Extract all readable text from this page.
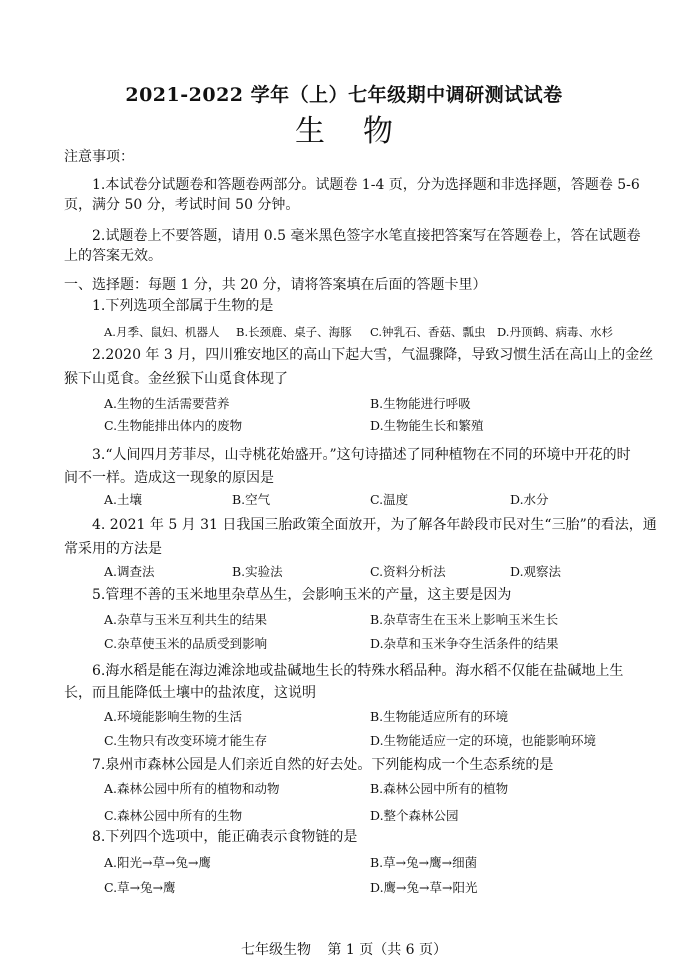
2021-2022 学年（上）七年级期中调研测试试卷
生物
注意事项：
1.本试卷分试题卷和答题卷两部分。试题卷 1-4 页，分为选择题和非选择题，答题卷 5-6
页，满分 50 分，考试时间 50 分钟。
2.试题卷上不要答题，请用 0.5 毫米黑色签字水笔直接把答案写在答题卷上，答在试题卷
上的答案无效。
一、选择题：每题 1 分，共 20 分，请将答案填在后面的答题卡里）
1.下列选项全部属于生物的是
A.月季、鼠妇、机器人 B.长颈鹿、桌子、海豚 C.钟乳石、香菇、瓢虫 D.丹顶鹤、病毒、水杉
2.2020 年 3 月，四川雅安地区的高山下起大雪，气温骤降，导致习惯生活在高山上的金丝
猴下山觅食。金丝猴下山觅食体现了
A.生物的生活需要营养	B.生物能进行呼吸
C.生物能排出体内的废物	D.生物能生长和繁殖
3.“人间四月芳菲尽，山寺桃花始盛开。”这句诗描述了同种植物在不同的环境中开花的时
间不一样。造成这一现象的原因是
A.土壤	B.空气	C.温度	D.水分
4. 2021 年 5 月 31 日我国三胎政策全面放开，为了解各年龄段市民对生“三胎”的看法，通
常采用的方法是
A.调查法	B.实验法	C.资料分析法	D.观察法
5.管理不善的玉米地里杂草丛生，会影响玉米的产量，这主要是因为
A.杂草与玉米互利共生的结果	B.杂草寄生在玉米上影响玉米生长
C.杂草使玉米的品质受到影响	D.杂草和玉米争夺生活条件的结果
6.海水稻是能在海边滩涂地或盐碱地生长的特殊水稻品种。海水稻不仅能在盐碱地上生
长，而且能降低土壤中的盐浓度，这说明
A.环境能影响生物的生活	B.生物能适应所有的环境
C.生物只有改变环境才能生存	D.生物能适应一定的环境，也能影响环境
7.泉州市森林公园是人们亲近自然的好去处。下列能构成一个生态系统的是
A.森林公园中所有的植物和动物	B.森林公园中所有的植物
C.森林公园中所有的生物	D.整个森林公园
8.下列四个选项中，能正确表示食物链的是
A.阳光→草→兔→鹰	B.草→兔→鹰→细菌
C.草→兔→鹰	D.鹰→兔→草→阳光
七年级生物 第 1 页（共 6 页）
